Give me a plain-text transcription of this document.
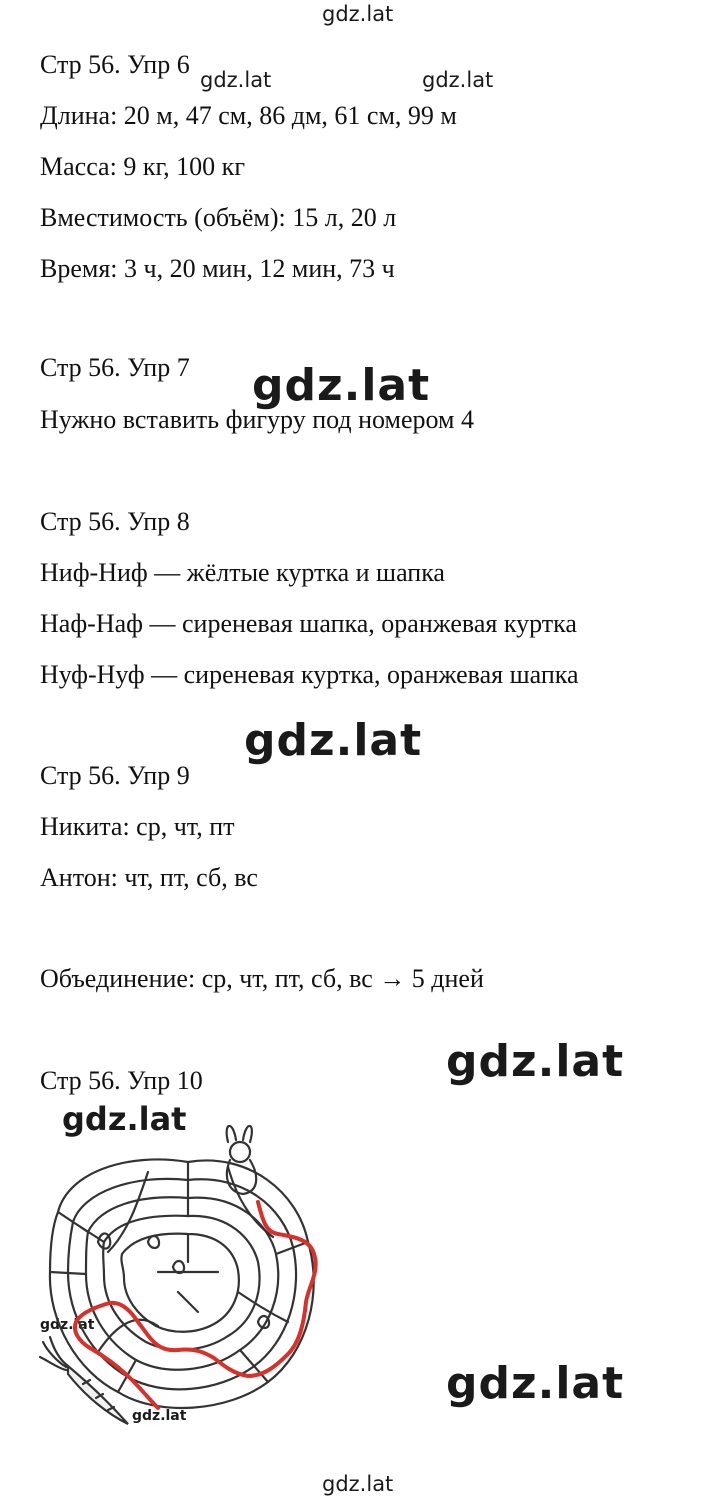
gdz.lat
gdz.lat	gdz.lat
gdz.lat
gdz.lat
gdz.lat
gdz.lat
gdz.lat
gdz.lat
gdz.lat
gdz.lat
Стр 56. Упр 6
Длина: 20 м, 47 см, 86 дм, 61 см, 99 м
Масса: 9 кг, 100 кг
Вместимость (объём): 15 л, 20 л
Время: 3 ч, 20 мин, 12 мин, 73 ч
Стр 56. Упр 7
Нужно вставить фигуру под номером 4
Стр 56. Упр 8
Ниф-Ниф — жёлтые куртка и шапка
Наф-Наф — сиреневая шапка, оранжевая куртка
Нуф-Нуф — сиреневая куртка, оранжевая шапка
Стр 56. Упр 9
Никита: ср, чт, пт
Антон: чт, пт, сб, вс
Объединение: ср, чт, пт, сб, вс → 5 дней
Стр 56. Упр 10
